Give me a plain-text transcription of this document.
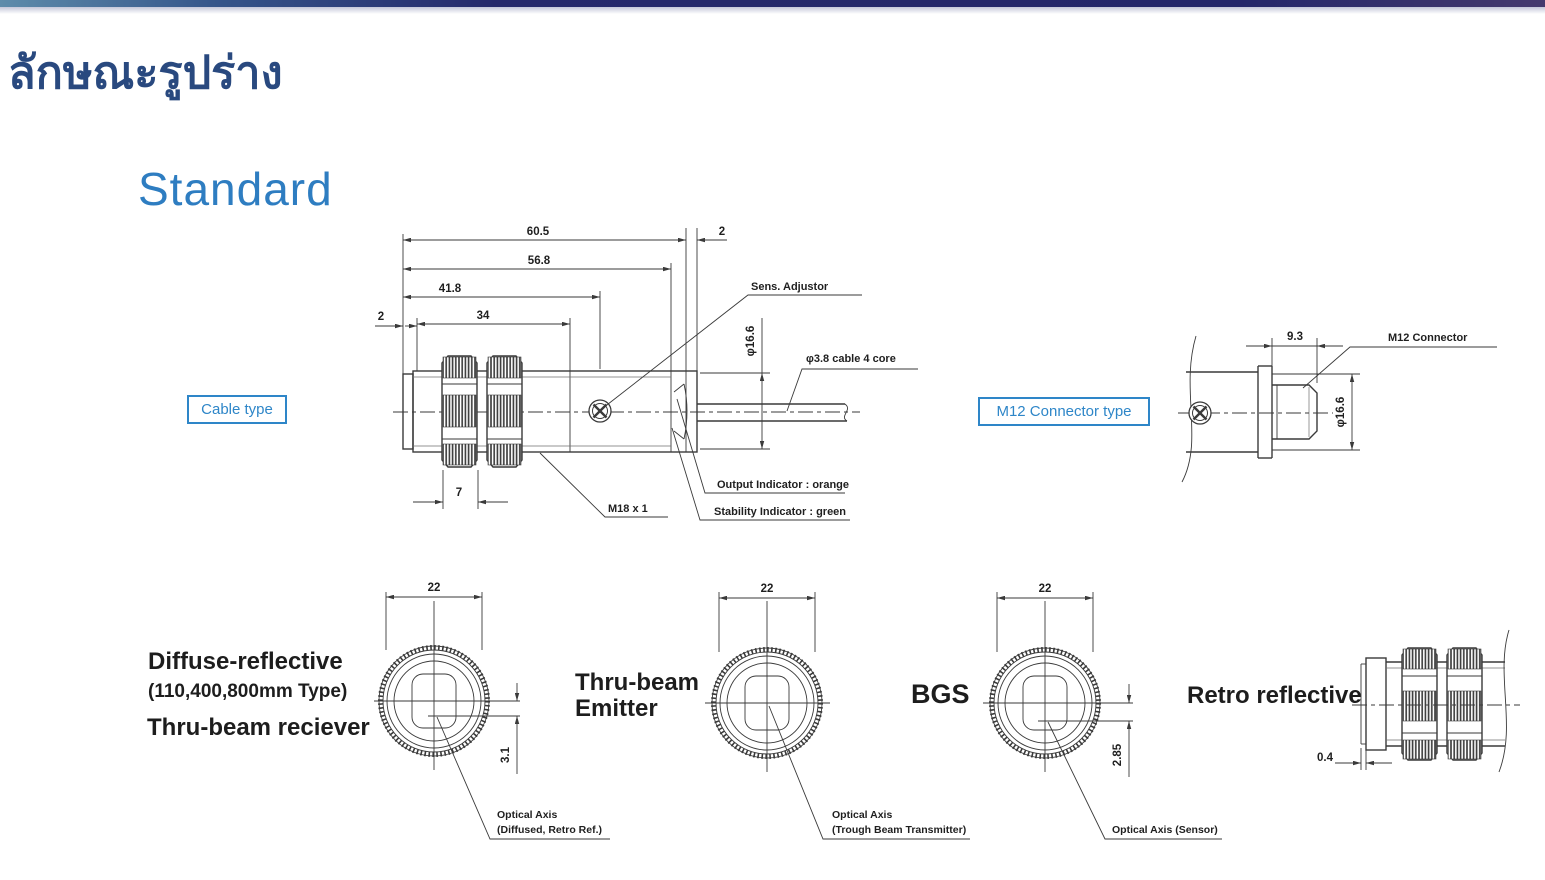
ลักษณะรูปร่าง
Standard
Cable type	M12 Connector type
Diffuse-reflective
(110,400,800mm Type)
Thru-beam reciever
Thru-beam
Emitter	BGS	Retro reflective
60.5	2
56.8
41.8
34
2
7
φ16.6
Sens. Adjustor
φ3.8 cable 4 core
Output Indicator : orange
Stability Indicator : green
M18 x 1
9.3
φ16.6
M12 Connector
22
3.1
Optical Axis
(Diffused, Retro Ref.)
22
Optical Axis
(Trough Beam Transmitter)
22
2.85
Optical Axis (Sensor)
0.4
